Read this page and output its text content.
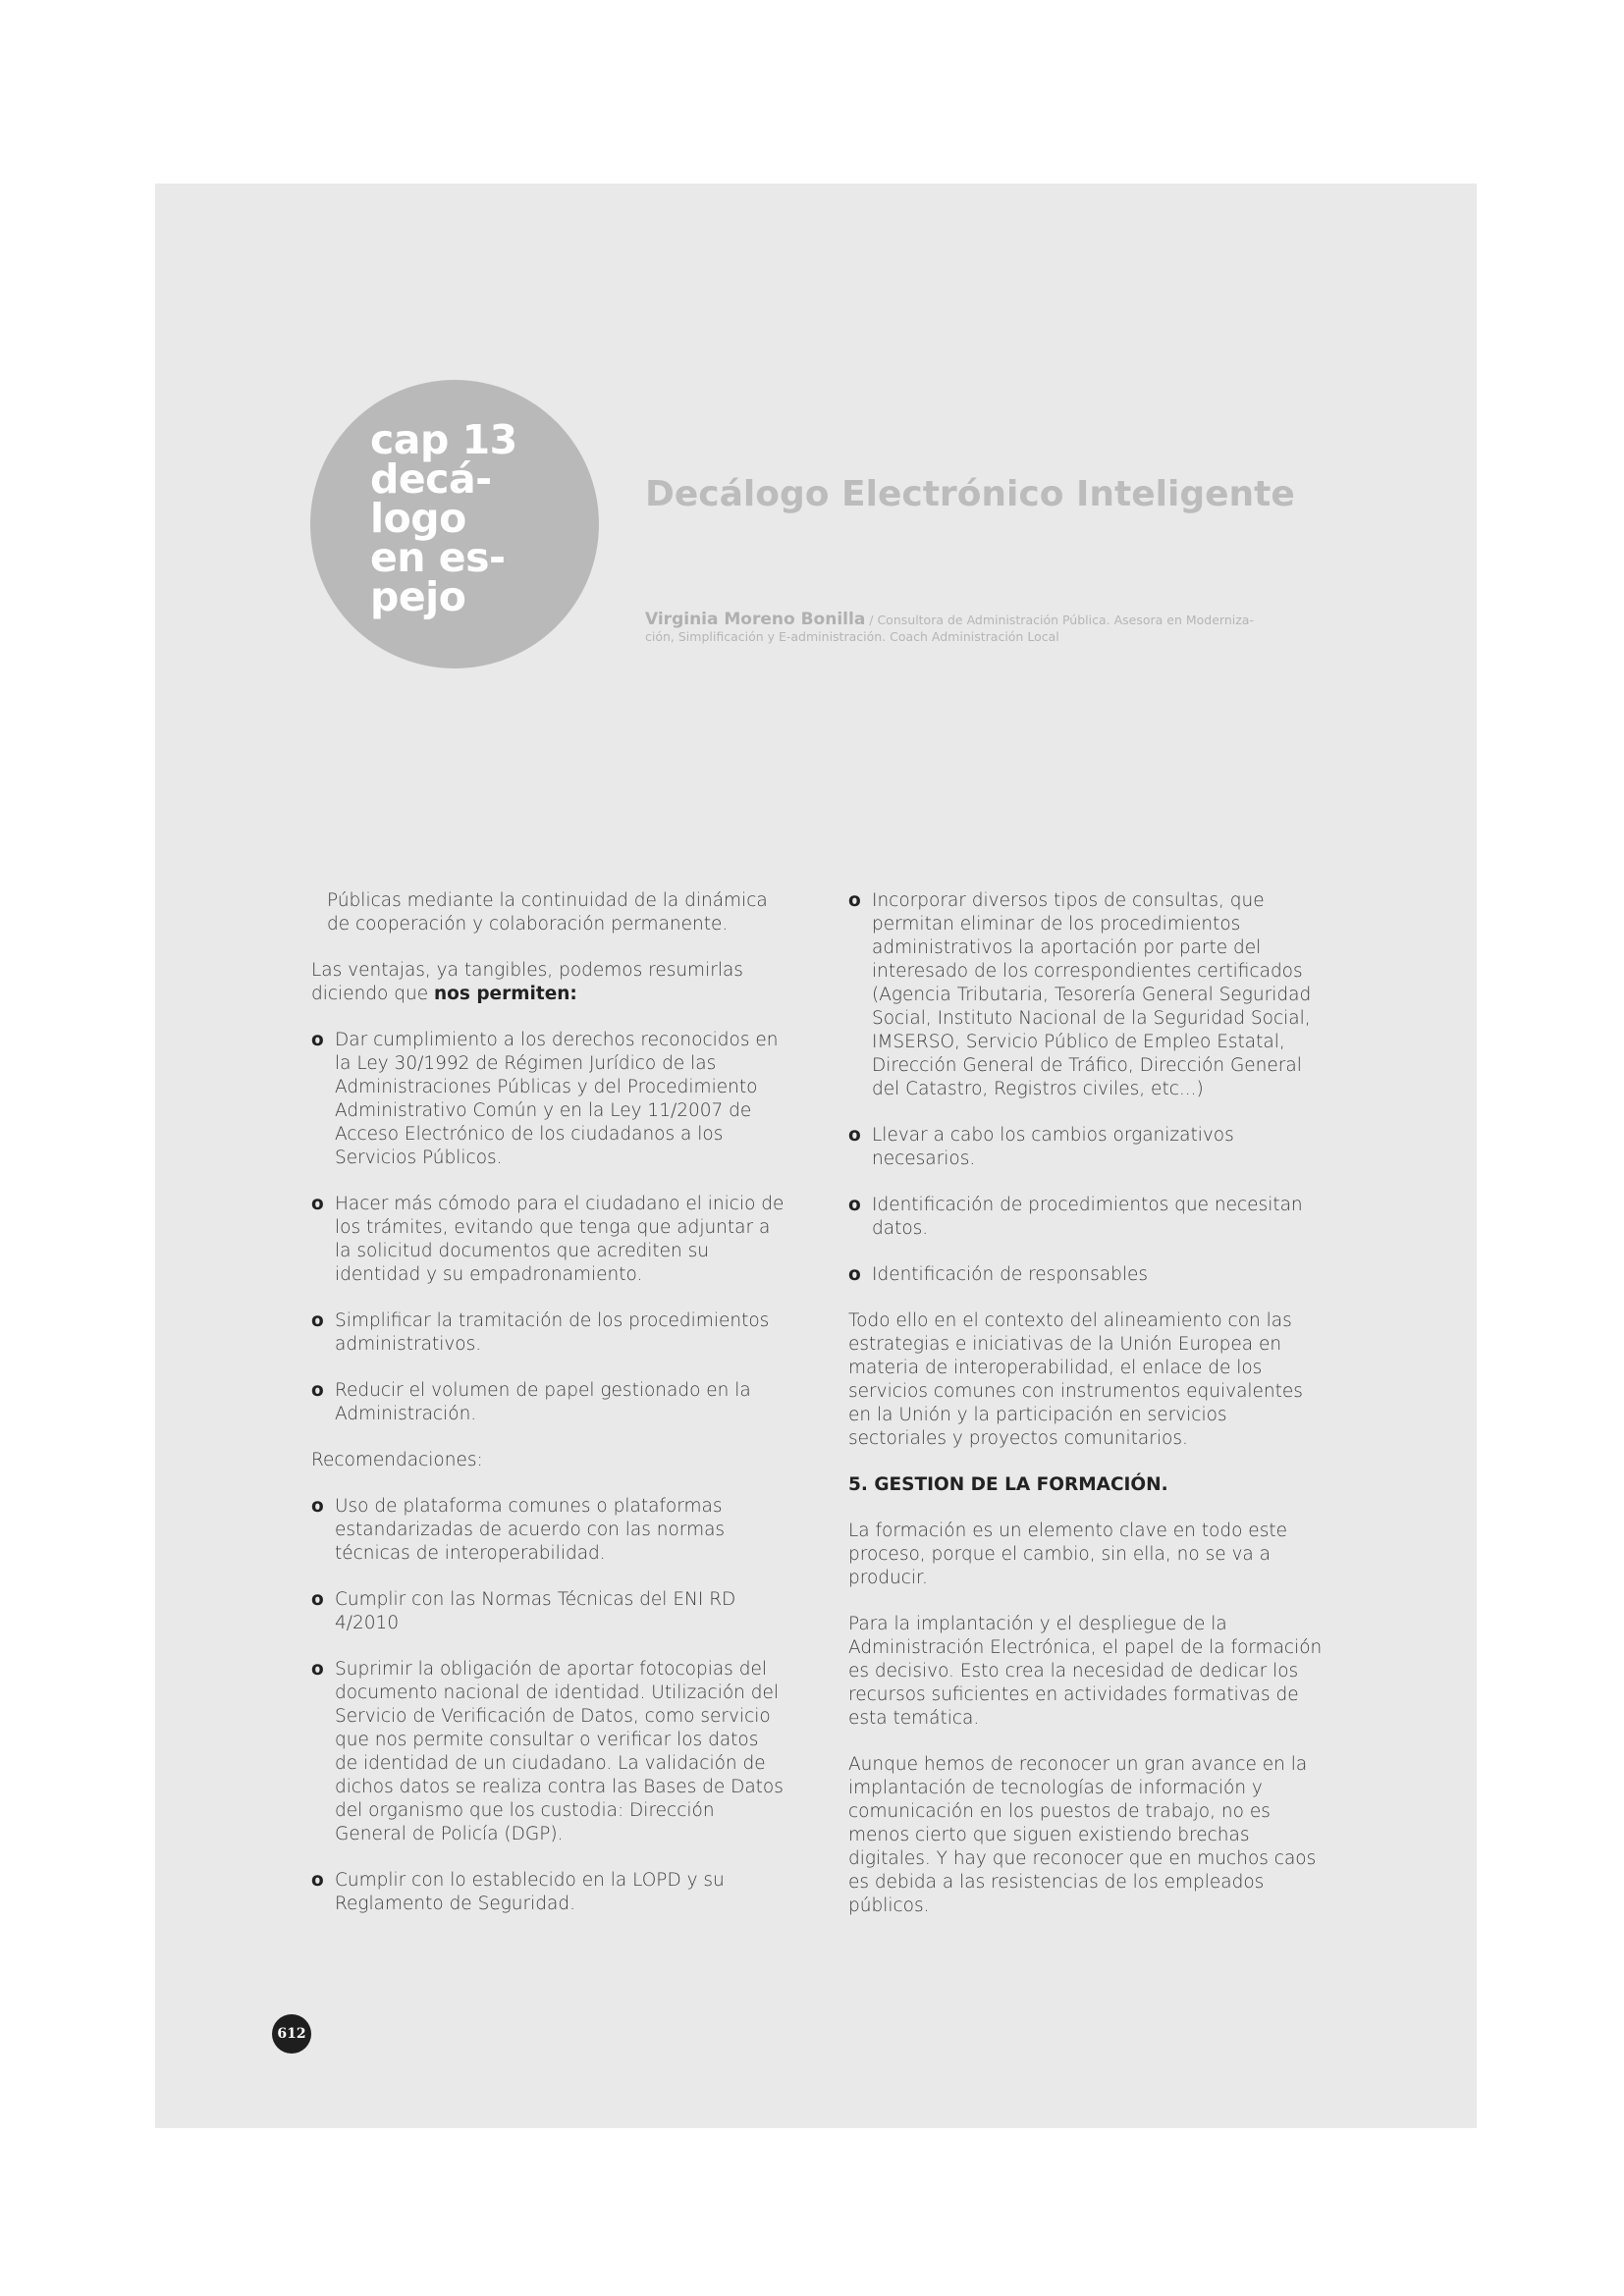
cap 13
decá-
logo
en es-
pejo
Decálogo Electrónico Inteligente
Virginia Moreno Bonilla / Consultora de Administración Pública. Asesora en Moderniza-
ción, Simplificación y E-administración. Coach Administración Local

Públicas mediante la continuidad de la dinámica de cooperación y colaboración permanente.

Las ventajas, ya tangibles, podemos resumirlas diciendo que nos permiten:

o Dar cumplimiento a los derechos reconocidos en la Ley 30/1992 de Régimen Jurídico de las Administraciones Públicas y del Procedimiento Administrativo Común y en la Ley 11/2007 de Acceso Electrónico de los ciudadanos a los Servicios Públicos.
o Hacer más cómodo para el ciudadano el inicio de los trámites, evitando que tenga que adjuntar a la solicitud documentos que acrediten su identidad y su empadronamiento.
o Simplificar la tramitación de los procedimientos administrativos.
o Reducir el volumen de papel gestionado en la Administración.

Recomendaciones:

o Uso de plataforma comunes o plataformas estandarizadas de acuerdo con las normas técnicas de interoperabilidad.
o Cumplir con las Normas Técnicas del ENI RD 4/2010
o Suprimir la obligación de aportar fotocopias del documento nacional de identidad. Utilización del Servicio de Verificación de Datos, como servicio que nos permite consultar o verificar los datos de identidad de un ciudadano. La validación de dichos datos se realiza contra las Bases de Datos del organismo que los custodia: Dirección General de Policía (DGP).
o Cumplir con lo establecido en la LOPD y su Reglamento de Seguridad.
o Incorporar diversos tipos de consultas, que permitan eliminar de los procedimientos administrativos la aportación por parte del interesado de los correspondientes certificados (Agencia Tributaria, Tesorería General Seguridad Social, Instituto Nacional de la Seguridad Social, IMSERSO, Servicio Público de Empleo Estatal, Dirección General de Tráfico, Dirección General del Catastro, Registros civiles, etc...)
o Llevar a cabo los cambios organizativos necesarios.
o Identificación de procedimientos que necesitan datos.
o Identificación de responsables

Todo ello en el contexto del alineamiento con las estrategias e iniciativas de la Unión Europea en materia de interoperabilidad, el enlace de los servicios comunes con instrumentos equivalentes en la Unión y la participación en servicios sectoriales y proyectos comunitarios.

5. GESTION DE LA FORMACIÓN.

La formación es un elemento clave en todo este proceso, porque el cambio, sin ella, no se va a producir.

Para la implantación y el despliegue de la Administración Electrónica, el papel de la formación es decisivo. Esto crea la necesidad de dedicar los recursos suficientes en actividades formativas de esta temática.

Aunque hemos de reconocer un gran avance en la implantación de tecnologías de información y comunicación en los puestos de trabajo, no es menos cierto que siguen existiendo brechas digitales. Y hay que reconocer que en muchos caos es debida a las resistencias de los empleados públicos.

612
